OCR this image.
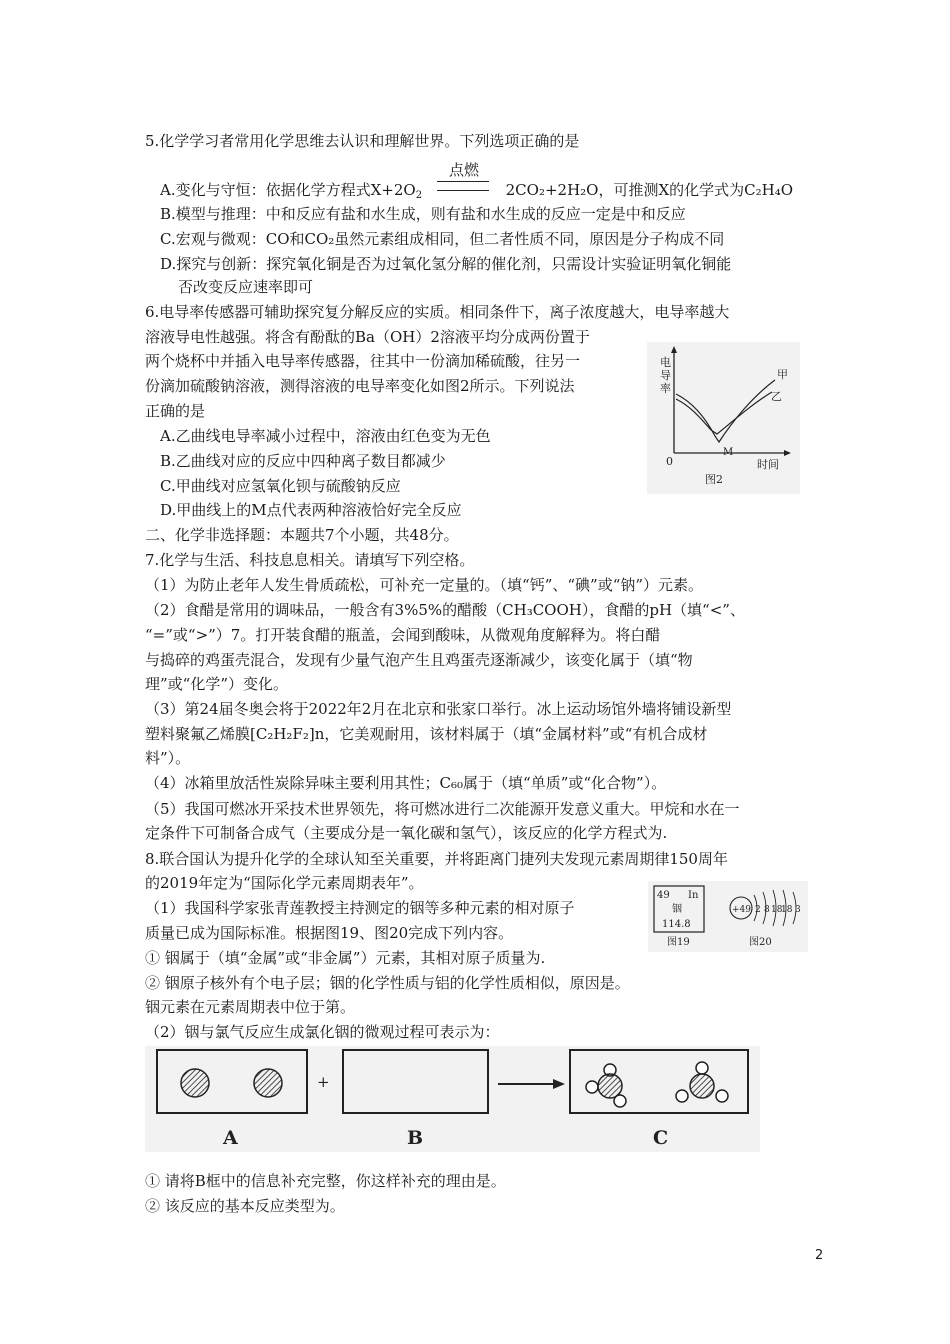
5.化学学习者常用化学思维去认识和理解世界。下列选项正确的是
点燃
A.变化与守恒：依据化学方程式$X+2O_2$	2CO₂+2H₂O，可推测X的化学式为C₂H₄O
B.模型与推理：中和反应有盐和水生成，则有盐和水生成的反应一定是中和反应
C.宏观与微观：CO和CO₂虽然元素组成相同，但二者性质不同，原因是分子构成不同
D.探究与创新：探究氧化铜是否为过氧化氢分解的催化剂，只需设计实验证明氧化铜能
否改变反应速率即可
6.电导率传感器可辅助探究复分解反应的实质。相同条件下，离子浓度越大，电导率越大
溶液导电性越强。将含有酚酞的Ba（OH）2溶液平均分成两份置于
两个烧杯中并插入电导率传感器，往其中一份滴加稀硫酸，往另一
份滴加硫酸钠溶液，测得溶液的电导率变化如图2所示。下列说法
正确的是
A.乙曲线电导率减小过程中，溶液由红色变为无色
B.乙曲线对应的反应中四种离子数目都减少
C.甲曲线对应氢氧化钡与硫酸钠反应
D.甲曲线上的M点代表两种溶液恰好完全反应
电
导
率
甲
乙
M
0	时间
图2
二、化学非选择题：本题共7个小题，共48分。
7.化学与生活、科技息息相关。请填写下列空格。
（1）为防止老年人发生骨质疏松，可补充一定量的。（填“钙”、“碘”或“钠”）元素。
（2）食醋是常用的调味品，一般含有3%5%的醋酸（CH₃COOH），食醋的pH（填“<”、
“=”或“>”）7。打开装食醋的瓶盖，会闻到酸味，从微观角度解释为。将白醋
与捣碎的鸡蛋壳混合，发现有少量气泡产生且鸡蛋壳逐渐减少，该变化属于（填“物
理”或“化学”）变化。
（3）第24届冬奥会将于2022年2月在北京和张家口举行。冰上运动场馆外墙将铺设新型
塑料聚氟乙烯膜[C₂H₂F₂]n，它美观耐用，该材料属于（填“金属材料”或“有机合成材
料”）。
（4）冰箱里放活性炭除异味主要利用其性；C₆₀属于（填“单质”或“化合物”）。
（5）我国可燃冰开采技术世界领先，将可燃冰进行二次能源开发意义重大。甲烷和水在一
定条件下可制备合成气（主要成分是一氧化碳和氢气），该反应的化学方程式为.
8.联合国认为提升化学的全球认知至关重要，并将距离门捷列夫发现元素周期律150周年
的2019年定为“国际化学元素周期表年”。
（1）我国科学家张青莲教授主持测定的铟等多种元素的相对原子
质量已成为国际标准。根据图19、图20完成下列内容。
① 铟属于（填“金属”或“非金属”）元素，其相对原子质量为.
② 铟原子核外有个电子层；铟的化学性质与铝的化学性质相似，原因是。
铟元素在元素周期表中位于第。
（2）铟与氯气反应生成氯化铟的微观过程可表示为：
49 In
铟
114.8
图19
+49 2 8 18
18 3
图20
+
A	B	C
① 请将B框中的信息补充完整，你这样补充的理由是。
② 该反应的基本反应类型为。
2
